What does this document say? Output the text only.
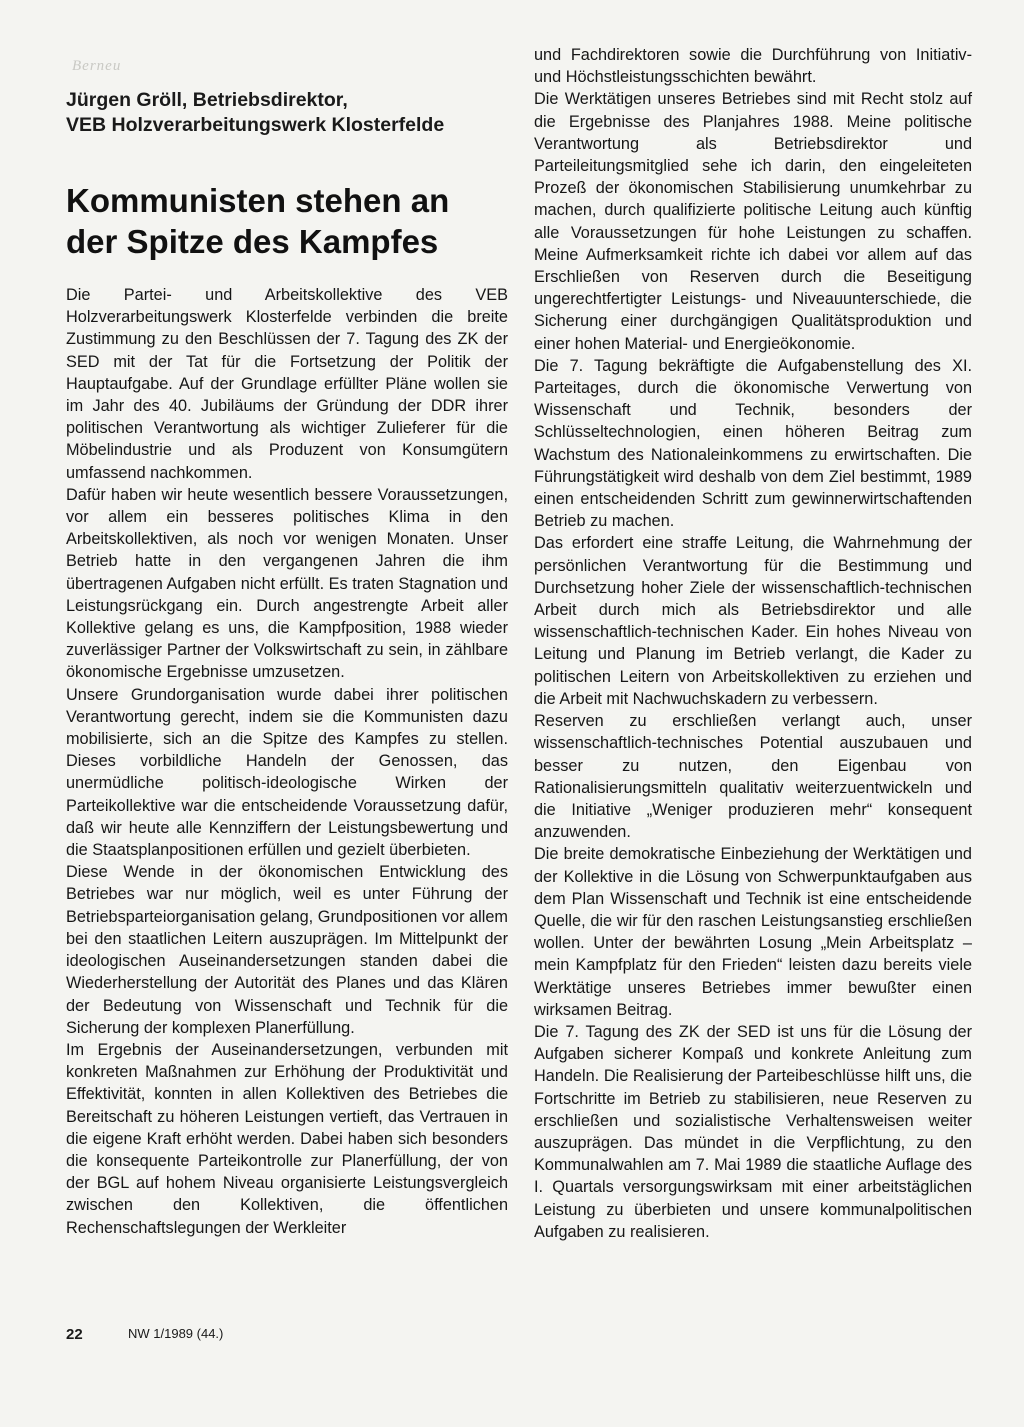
Berneu
Jürgen Gröll, Betriebsdirektor,
VEB Holzverarbeitungswerk Klosterfelde
Kommunisten stehen an
der Spitze des Kampfes

Die Partei- und Arbeitskollektive des VEB Holzverarbeitungswerk Klosterfelde verbinden die breite Zustimmung zu den Beschlüssen der 7. Tagung des ZK der SED mit der Tat für die Fortsetzung der Politik der Hauptaufgabe. Auf der Grundlage erfüllter Pläne wollen sie im Jahr des 40. Jubiläums der Gründung der DDR ihrer politischen Verantwortung als wichtiger Zulieferer für die Möbelindustrie und als Produzent von Konsumgütern umfassend nachkommen.

Dafür haben wir heute wesentlich bessere Voraussetzungen, vor allem ein besseres politisches Klima in den Arbeitskollektiven, als noch vor wenigen Monaten. Unser Betrieb hatte in den vergangenen Jahren die ihm übertragenen Aufgaben nicht erfüllt. Es traten Stagnation und Leistungsrückgang ein. Durch angestrengte Arbeit aller Kollektive gelang es uns, die Kampfposition, 1988 wieder zuverlässiger Partner der Volkswirtschaft zu sein, in zählbare ökonomische Ergebnisse umzusetzen.

Unsere Grundorganisation wurde dabei ihrer politischen Verantwortung gerecht, indem sie die Kommunisten dazu mobilisierte, sich an die Spitze des Kampfes zu stellen. Dieses vorbildliche Handeln der Genossen, das unermüdliche politisch-ideologische Wirken der Parteikollektive war die entscheidende Voraussetzung dafür, daß wir heute alle Kennziffern der Leistungsbewertung und die Staatsplanpositionen erfüllen und gezielt überbieten.

Diese Wende in der ökonomischen Entwicklung des Betriebes war nur möglich, weil es unter Führung der Betriebsparteiorganisation gelang, Grundpositionen vor allem bei den staatlichen Leitern auszuprägen. Im Mittelpunkt der ideologischen Auseinandersetzungen standen dabei die Wiederherstellung der Autorität des Planes und das Klären der Bedeutung von Wissenschaft und Technik für die Sicherung der komplexen Planerfüllung.

Im Ergebnis der Auseinandersetzungen, verbunden mit konkreten Maßnahmen zur Erhöhung der Produktivität und Effektivität, konnten in allen Kollektiven des Betriebes die Bereitschaft zu höheren Leistungen vertieft, das Vertrauen in die eigene Kraft erhöht werden. Dabei haben sich besonders die konsequente Parteikontrolle zur Planerfüllung, der von der BGL auf hohem Niveau organisierte Leistungsvergleich zwischen den Kollektiven, die öffentlichen Rechenschaftslegungen der Werkleiter

und Fachdirektoren sowie die Durchführung von Initiativ- und Höchstleistungsschichten bewährt.

Die Werktätigen unseres Betriebes sind mit Recht stolz auf die Ergebnisse des Planjahres 1988. Meine politische Verantwortung als Betriebsdirektor und Parteileitungsmitglied sehe ich darin, den eingeleiteten Prozeß der ökonomischen Stabilisierung unumkehrbar zu machen, durch qualifizierte politische Leitung auch künftig alle Voraussetzungen für hohe Leistungen zu schaffen. Meine Aufmerksamkeit richte ich dabei vor allem auf das Erschließen von Reserven durch die Beseitigung ungerechtfertigter Leistungs- und Niveauunterschiede, die Sicherung einer durchgängigen Qualitätsproduktion und einer hohen Material- und Energieökonomie.

Die 7. Tagung bekräftigte die Aufgabenstellung des XI. Parteitages, durch die ökonomische Verwertung von Wissenschaft und Technik, besonders der Schlüsseltechnologien, einen höheren Beitrag zum Wachstum des Nationaleinkommens zu erwirtschaften. Die Führungstätigkeit wird deshalb von dem Ziel bestimmt, 1989 einen entscheidenden Schritt zum gewinnerwirtschaftenden Betrieb zu machen.

Das erfordert eine straffe Leitung, die Wahrnehmung der persönlichen Verantwortung für die Bestimmung und Durchsetzung hoher Ziele der wissenschaftlich-technischen Arbeit durch mich als Betriebsdirektor und alle wissenschaftlich-technischen Kader. Ein hohes Niveau von Leitung und Planung im Betrieb verlangt, die Kader zu politischen Leitern von Arbeitskollektiven zu erziehen und die Arbeit mit Nachwuchskadern zu verbessern.

Reserven zu erschließen verlangt auch, unser wissenschaftlich-technisches Potential auszubauen und besser zu nutzen, den Eigenbau von Rationalisierungsmitteln qualitativ weiterzuentwickeln und die Initiative „Weniger produzieren mehr“ konsequent anzuwenden.

Die breite demokratische Einbeziehung der Werktätigen und der Kollektive in die Lösung von Schwerpunktaufgaben aus dem Plan Wissenschaft und Technik ist eine entscheidende Quelle, die wir für den raschen Leistungsanstieg erschließen wollen. Unter der bewährten Losung „Mein Arbeitsplatz – mein Kampfplatz für den Frieden“ leisten dazu bereits viele Werktätige unseres Betriebes immer bewußter einen wirksamen Beitrag.

Die 7. Tagung des ZK der SED ist uns für die Lösung der Aufgaben sicherer Kompaß und konkrete Anleitung zum Handeln. Die Realisierung der Parteibeschlüsse hilft uns, die Fortschritte im Betrieb zu stabilisieren, neue Reserven zu erschließen und sozialistische Verhaltensweisen weiter auszuprägen. Das mündet in die Verpflichtung, zu den Kommunalwahlen am 7. Mai 1989 die staatliche Auflage des I. Quartals versorgungswirksam mit einer arbeitstäglichen Leistung zu überbieten und unsere kommunalpolitischen Aufgaben zu realisieren.

22	NW 1/1989 (44.)
